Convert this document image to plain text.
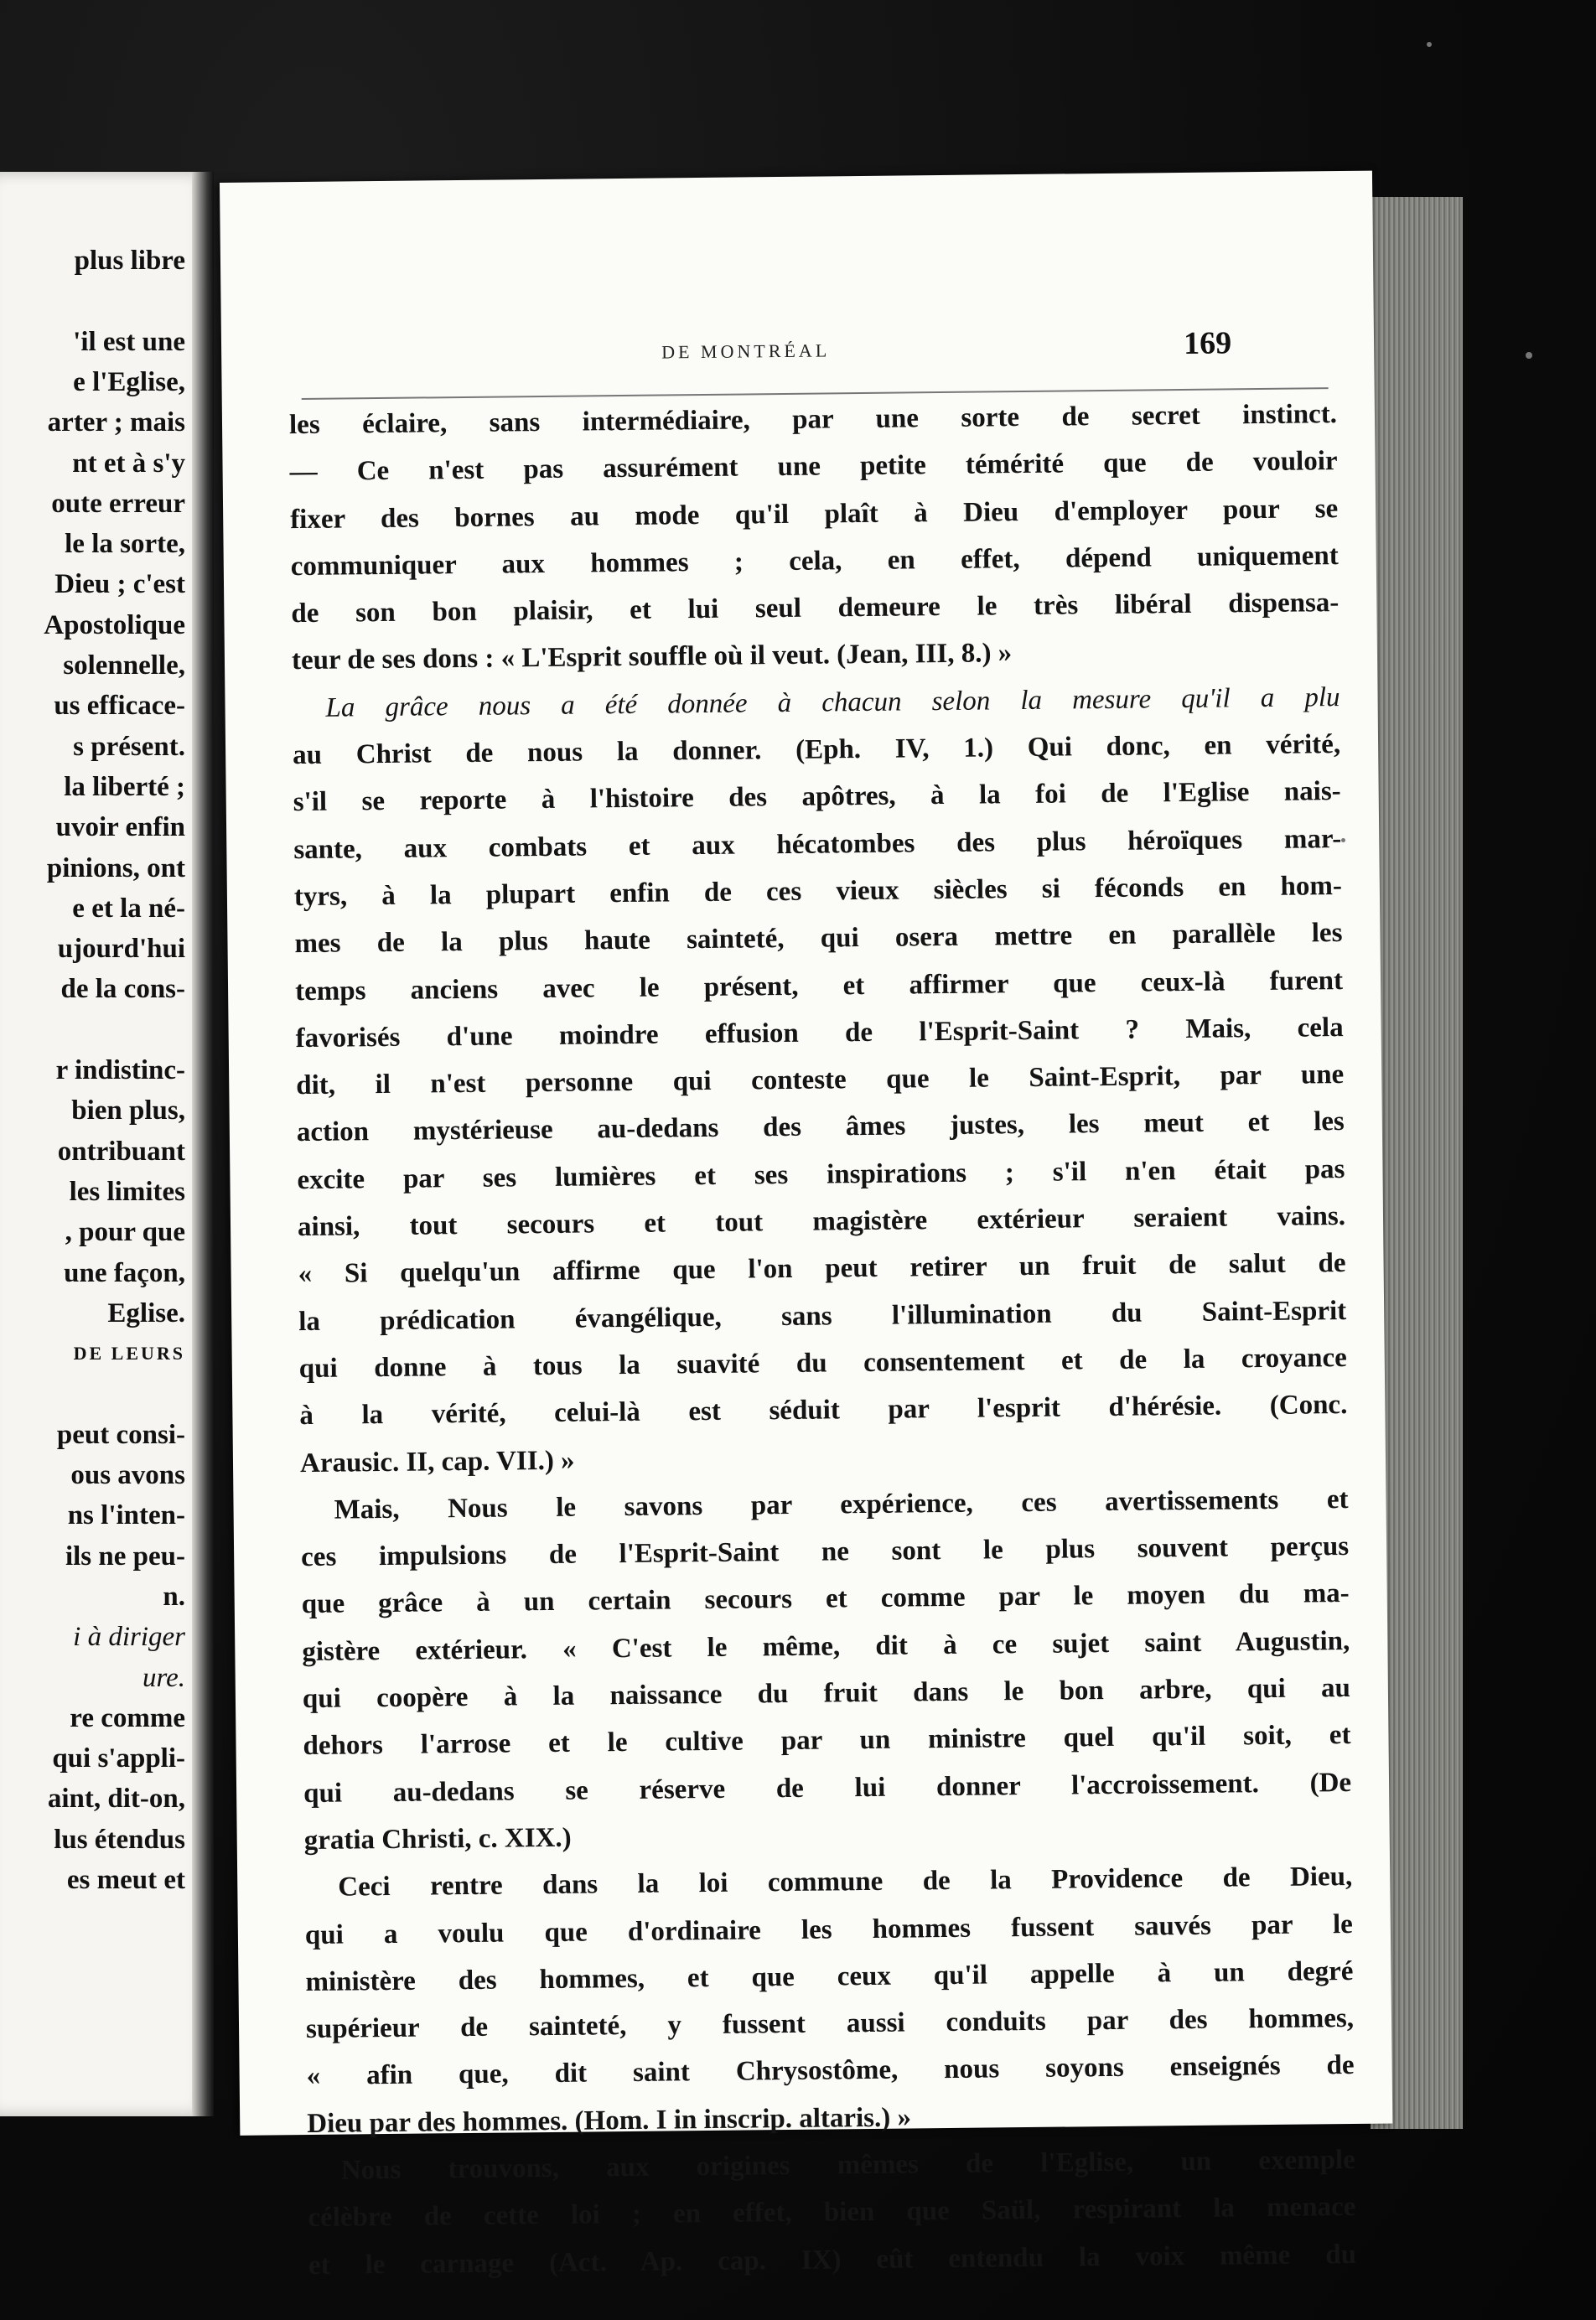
plus libre
'il est une
e l'Eglise,
arter ; mais
nt et à s'y
oute erreur
le la sorte,
Dieu ; c'est
Apostolique
solennelle,
us efficace-
s présent.
la liberté ;
uvoir enfin
pinions, ont
e et la né-
ujourd'hui
de la cons-
r indistinc-
bien plus,
ontribuant
les limites
, pour que
une façon,
Eglise.
DE LEURS
peut consi-
ous avons
ns l'inten-
ils ne peu-
n.
i à diriger
ure.
re comme
qui s'appli-
aint, dit-on,
lus étendus
es meut et
DE MONTRÉAL	169
les éclaire, sans intermédiaire, par une sorte de secret instinct.
— Ce n'est pas assurément une petite témérité que de vouloir
fixer des bornes au mode qu'il plaît à Dieu d'employer pour se
communiquer aux hommes ; cela, en effet, dépend uniquement
de son bon plaisir, et lui seul demeure le très libéral dispensa-
teur de ses dons : « L'Esprit souffle où il veut. (Jean, III, 8.) »
La grâce nous a été donnée à chacun selon la mesure qu'il a plu
au Christ de nous la donner. (Eph. IV, 1.) Qui donc, en vérité,
s'il se reporte à l'histoire des apôtres, à la foi de l'Eglise nais-
sante, aux combats et aux hécatombes des plus héroïques mar-
tyrs, à la plupart enfin de ces vieux siècles si féconds en hom-
mes de la plus haute sainteté, qui osera mettre en parallèle les
temps anciens avec le présent, et affirmer que ceux-là furent
favorisés d'une moindre effusion de l'Esprit-Saint ? Mais, cela
dit, il n'est personne qui conteste que le Saint-Esprit, par une
action mystérieuse au-dedans des âmes justes, les meut et les
excite par ses lumières et ses inspirations ; s'il n'en était pas
ainsi, tout secours et tout magistère extérieur seraient vains.
« Si quelqu'un affirme que l'on peut retirer un fruit de salut de
la prédication évangélique, sans l'illumination du Saint-Esprit
qui donne à tous la suavité du consentement et de la croyance
à la vérité, celui-là est séduit par l'esprit d'hérésie. (Conc.
Arausic. II, cap. VII.) »
Mais, Nous le savons par expérience, ces avertissements et
ces impulsions de l'Esprit-Saint ne sont le plus souvent perçus
que grâce à un certain secours et comme par le moyen du ma-
gistère extérieur. « C'est le même, dit à ce sujet saint Augustin,
qui coopère à la naissance du fruit dans le bon arbre, qui au
dehors l'arrose et le cultive par un ministre quel qu'il soit, et
qui au-dedans se réserve de lui donner l'accroissement. (De
gratia Christi, c. XIX.)
Ceci rentre dans la loi commune de la Providence de Dieu,
qui a voulu que d'ordinaire les hommes fussent sauvés par le
ministère des hommes, et que ceux qu'il appelle à un degré
supérieur de sainteté, y fussent aussi conduits par des hommes,
« afin que, dit saint Chrysostôme, nous soyons enseignés de
Dieu par des hommes. (Hom. I in inscrip. altaris.) »
Nous trouvons, aux origines mêmes de l'Eglise, un exemple
célèbre de cette loi ; en effet, bien que Saül, respirant la menace
et le carnage (Act. Ap. cap. IX) eût entendu la voix même du
